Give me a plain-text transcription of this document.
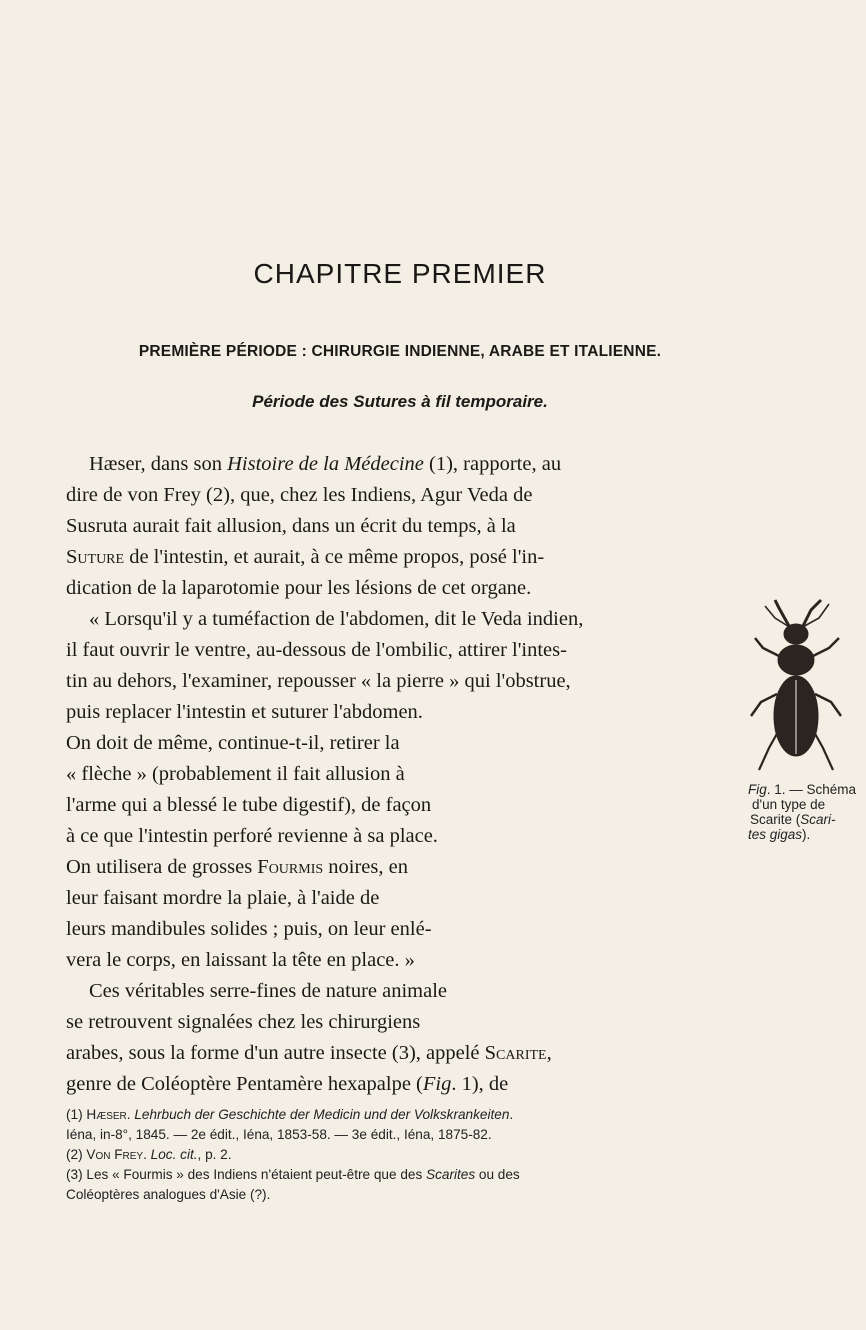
CHAPITRE PREMIER
PREMIÈRE PÉRIODE : CHIRURGIE INDIENNE, ARABE ET ITALIENNE.
Période des Sutures à fil temporaire.
Hæser, dans son Histoire de la Médecine (1), rapporte, au
dire de von Frey (2), que, chez les Indiens, Agur Veda de
Susruta aurait fait allusion, dans un écrit du temps, à la
Suture de l'intestin, et aurait, à ce même propos, posé l'in-
dication de la laparotomie pour les lésions de cet organe.
« Lorsqu'il y a tuméfaction de l'abdomen, dit le Veda indien,
il faut ouvrir le ventre, au-dessous de l'ombilic, attirer l'intes-
tin au dehors, l'examiner, repousser « la pierre » qui l'obstrue,
puis replacer l'intestin et suturer l'abdomen.
On doit de même, continue-t-il, retirer la
« flèche » (probablement il fait allusion à
l'arme qui a blessé le tube digestif), de façon
à ce que l'intestin perforé revienne à sa place.
On utilisera de grosses Fourmis noires, en
leur faisant mordre la plaie, à l'aide de
leurs mandibules solides ; puis, on leur enlé-
vera le corps, en laissant la tête en place. »
Ces véritables serre-fines de nature animale
se retrouvent signalées chez les chirurgiens
arabes, sous la forme d'un autre insecte (3), appelé Scarite,
genre de Coléoptère Pentamère hexapalpe (Fig. 1), de
Fig. 1. — Schéma
d'un type de
Scarite (Scari-
tes gigas).
(1) Hæser. Lehrbuch der Geschichte der Medicin und der Volkskrankeiten.
Iéna, in-8°, 1845. — 2e édit., Iéna, 1853-58. — 3e édit., Iéna, 1875-82.
(2) Von Frey. Loc. cit., p. 2.
(3) Les « Fourmis » des Indiens n'étaient peut-être que des Scarites ou des
Coléoptères analogues d'Asie (?).
